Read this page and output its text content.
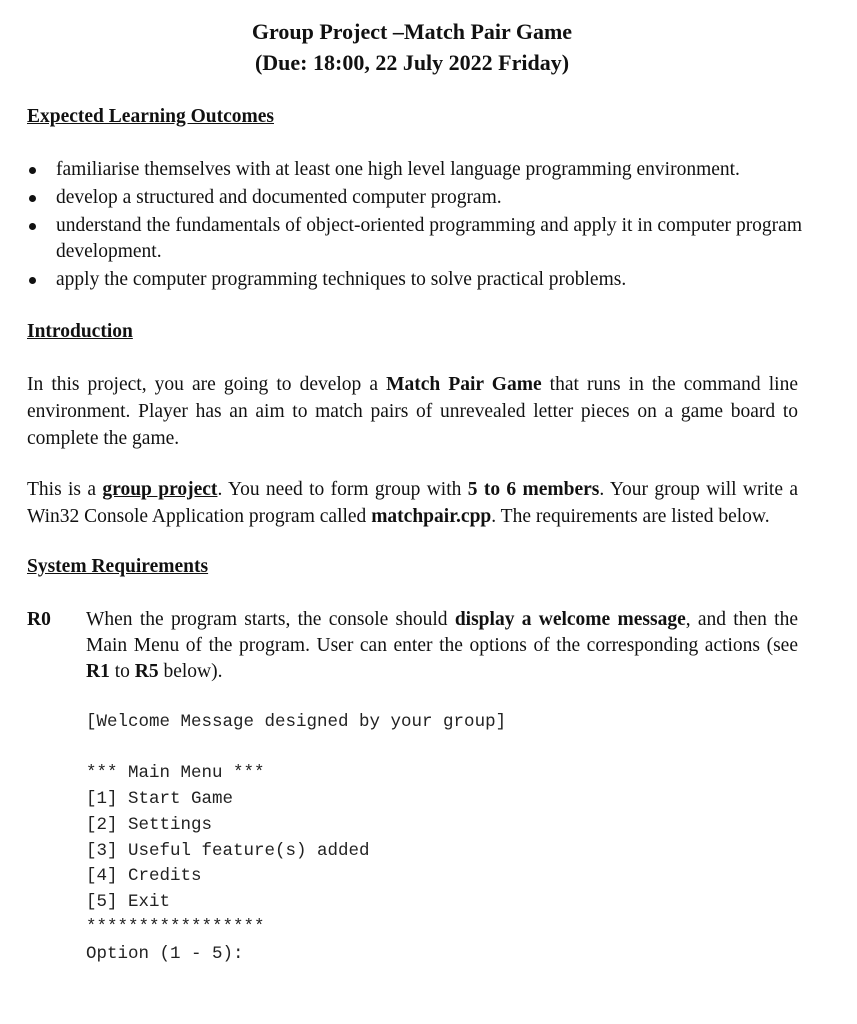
Group Project –Match Pair Game
(Due: 18:00, 22 July 2022 Friday)
Expected Learning Outcomes
familiarise themselves with at least one high level language programming environment.
develop a structured and documented computer program.
understand the fundamentals of object-oriented programming and apply it in computer program development.
apply the computer programming techniques to solve practical problems.
Introduction

In this project, you are going to develop a Match Pair Game that runs in the command line environment. Player has an aim to match pairs of unrevealed letter pieces on a game board to complete the game.

This is a group project. You need to form group with 5 to 6 members. Your group will write a Win32 Console Application program called matchpair.cpp. The requirements are listed below.

System Requirements
R0 When the program starts, the console should display a welcome message, and then the Main Menu of the program. User can enter the options of the corresponding actions (see R1 to R5 below).

[Welcome Message designed by your group]
*** Main Menu ***
[1] Start Game
[2] Settings
[3] Useful feature(s) added
[4] Credits
[5] Exit
*****************
Option (1 - 5):
